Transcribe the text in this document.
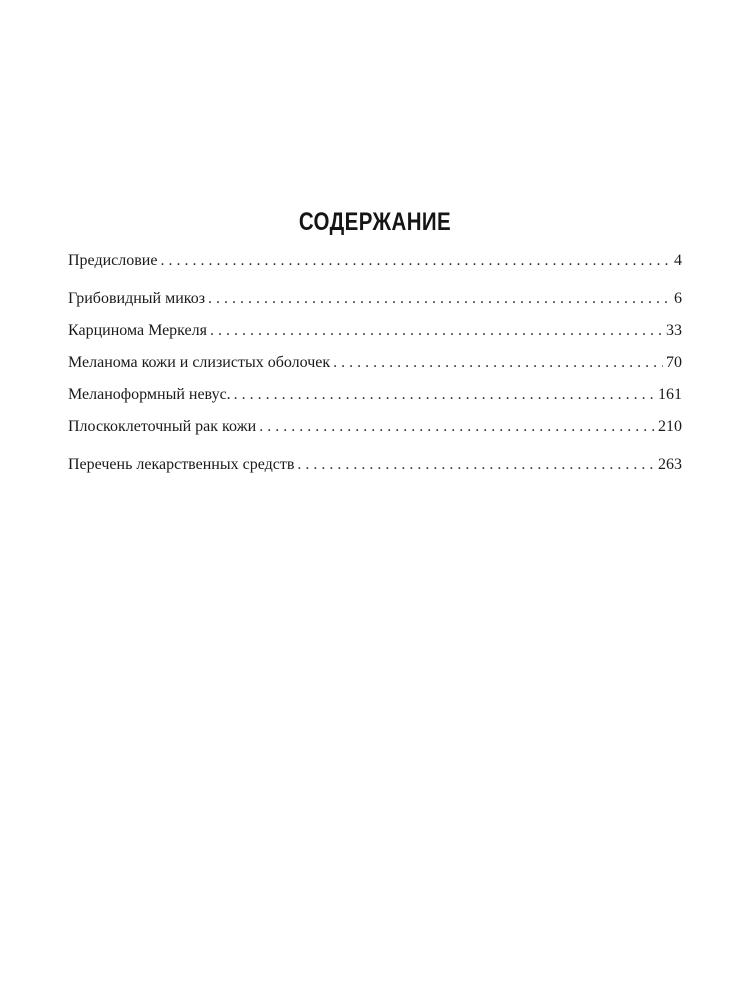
СОДЕРЖАНИЕ
Предисловие . . .	4
Грибовидный микоз . . .	6
Карцинома Меркеля . . .	33
Меланома кожи и слизистых оболочек . . .	70
Меланоформный невус. . . .	161
Плоскоклеточный рак кожи . . .	210
Перечень лекарственных средств . . .	263
